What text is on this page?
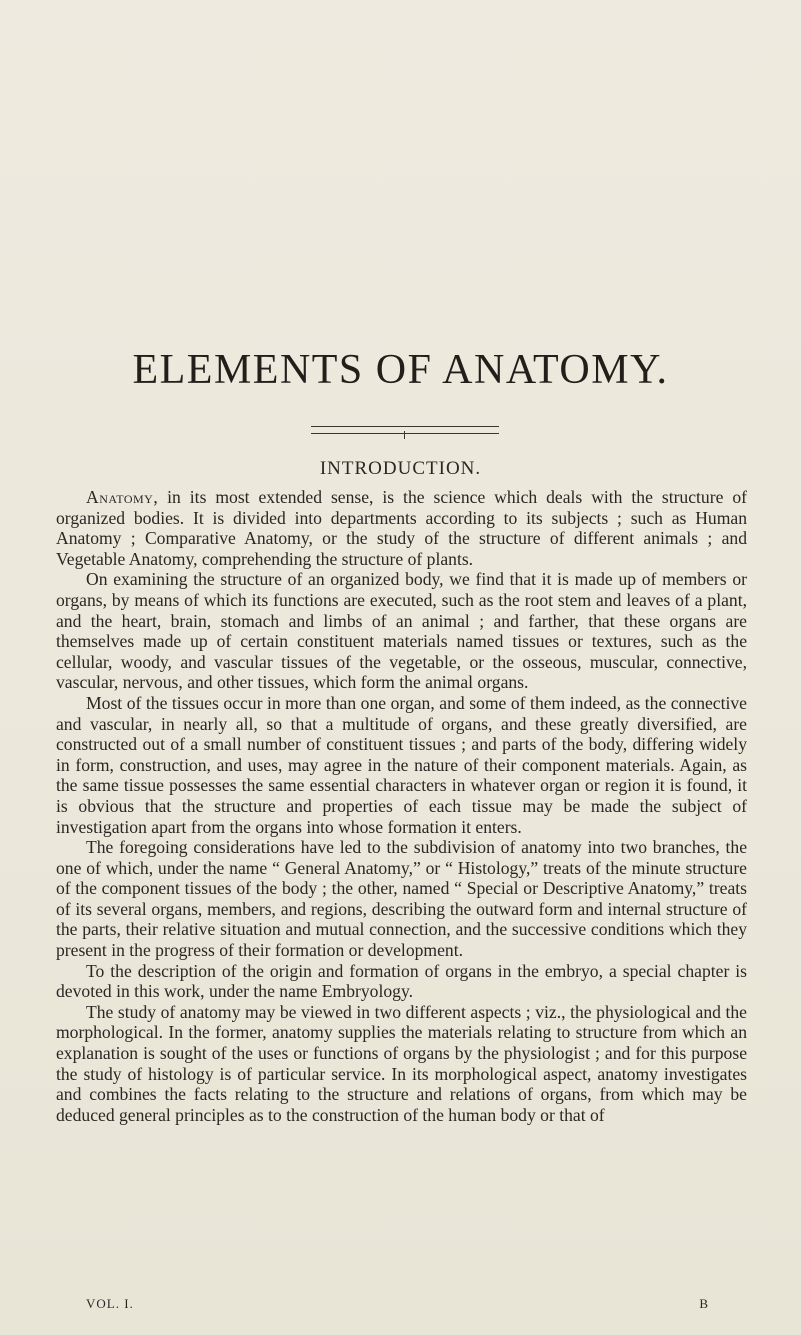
ELEMENTS OF ANATOMY.
INTRODUCTION.

Anatomy, in its most extended sense, is the science which deals with the structure of organized bodies. It is divided into departments according to its subjects ; such as Human Anatomy ; Comparative Anatomy, or the study of the structure of different animals ; and Vegetable Anatomy, comprehending the structure of plants.

On examining the structure of an organized body, we find that it is made up of members or organs, by means of which its functions are executed, such as the root stem and leaves of a plant, and the heart, brain, stomach and limbs of an animal ; and farther, that these organs are themselves made up of certain constituent materials named tissues or textures, such as the cellular, woody, and vascular tissues of the vegetable, or the osseous, muscular, connective, vascular, nervous, and other tissues, which form the animal organs.

Most of the tissues occur in more than one organ, and some of them indeed, as the connective and vascular, in nearly all, so that a multitude of organs, and these greatly diversified, are constructed out of a small number of constituent tissues ; and parts of the body, differing widely in form, construction, and uses, may agree in the nature of their component materials. Again, as the same tissue possesses the same essential characters in whatever organ or region it is found, it is obvious that the structure and properties of each tissue may be made the subject of investigation apart from the organs into whose formation it enters.

The foregoing considerations have led to the subdivision of anatomy into two branches, the one of which, under the name “ General Anatomy,” or “ Histology,” treats of the minute structure of the component tissues of the body ; the other, named “ Special or Descriptive Anatomy,” treats of its several organs, members, and regions, describing the outward form and internal structure of the parts, their relative situation and mutual connection, and the successive conditions which they present in the progress of their formation or development.

To the description of the origin and formation of organs in the embryo, a special chapter is devoted in this work, under the name Embryology.

The study of anatomy may be viewed in two different aspects ; viz., the physiological and the morphological. In the former, anatomy supplies the materials relating to structure from which an explanation is sought of the uses or functions of organs by the physiologist ; and for this purpose the study of histology is of particular service. In its morphological aspect, anatomy investigates and combines the facts relating to the structure and relations of organs, from which may be deduced general principles as to the construction of the human body or that of

VOL. I.	B
